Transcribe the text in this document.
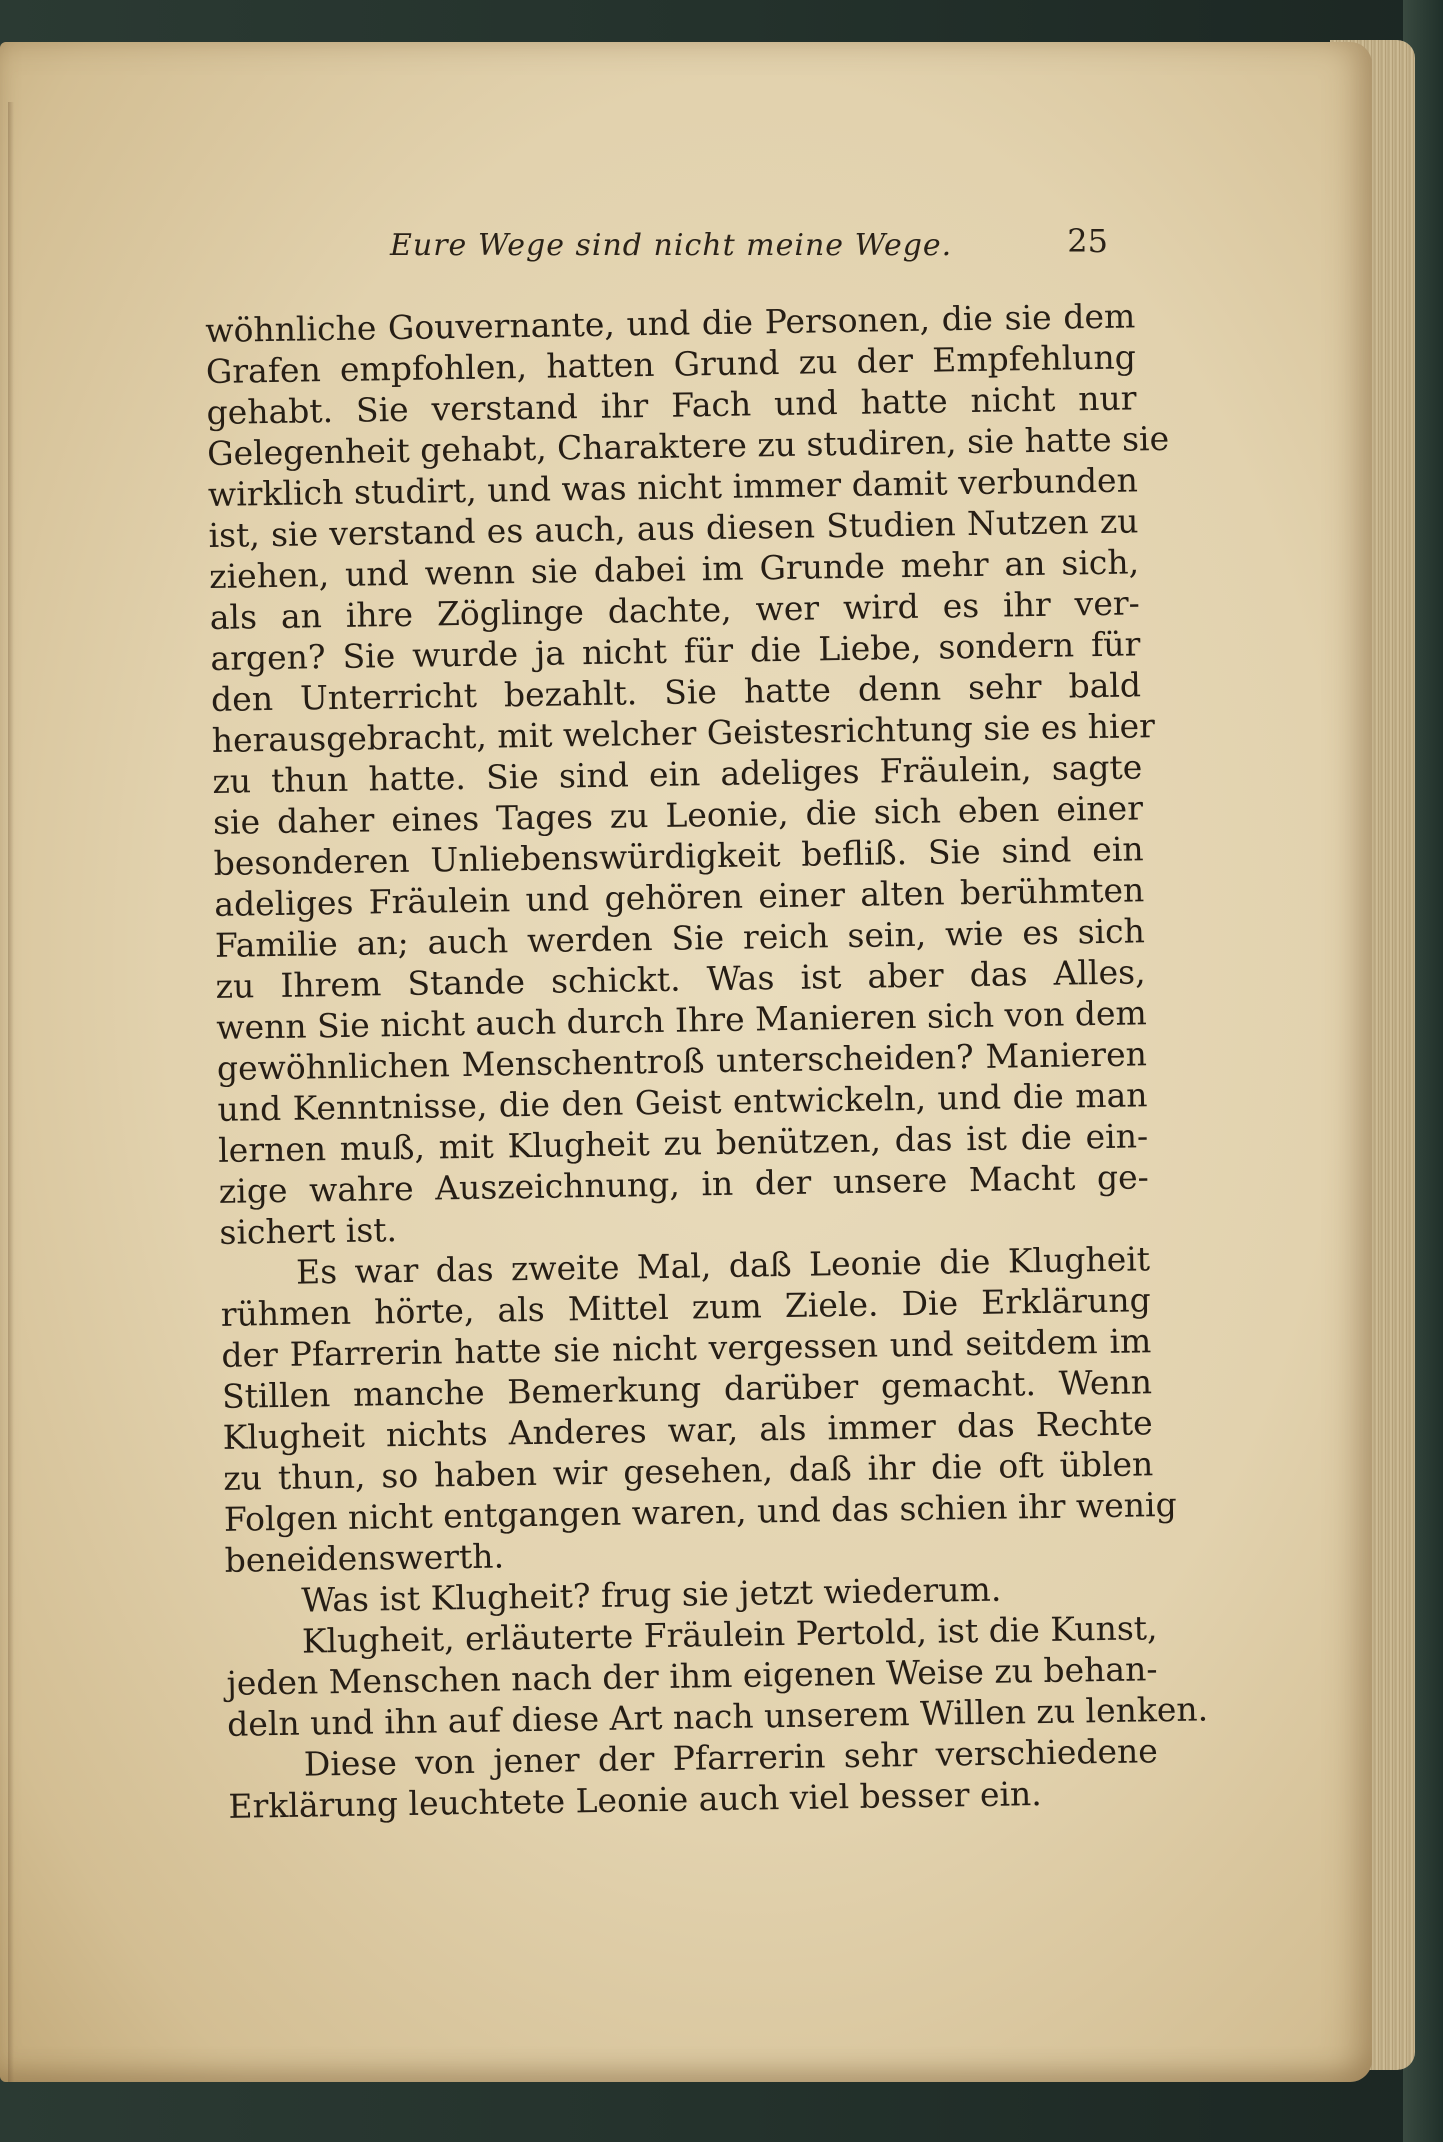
Eure Wege sind nicht meine Wege.	25
wöhnliche Gouvernante, und die Personen, die sie dem
Grafen empfohlen, hatten Grund zu der Empfehlung
gehabt. Sie verstand ihr Fach und hatte nicht nur
Gelegenheit gehabt, Charaktere zu studiren, sie hatte sie
wirklich studirt, und was nicht immer damit verbunden
ist, sie verstand es auch, aus diesen Studien Nutzen zu
ziehen, und wenn sie dabei im Grunde mehr an sich,
als an ihre Zöglinge dachte, wer wird es ihr ver-
argen? Sie wurde ja nicht für die Liebe, sondern für
den Unterricht bezahlt. Sie hatte denn sehr bald
herausgebracht, mit welcher Geistesrichtung sie es hier
zu thun hatte. Sie sind ein adeliges Fräulein, sagte
sie daher eines Tages zu Leonie, die sich eben einer
besonderen Unliebenswürdigkeit befliß. Sie sind ein
adeliges Fräulein und gehören einer alten berühmten
Familie an; auch werden Sie reich sein, wie es sich
zu Ihrem Stande schickt. Was ist aber das Alles,
wenn Sie nicht auch durch Ihre Manieren sich von dem
gewöhnlichen Menschentroß unterscheiden? Manieren
und Kenntnisse, die den Geist entwickeln, und die man
lernen muß, mit Klugheit zu benützen, das ist die ein-
zige wahre Auszeichnung, in der unsere Macht ge-
sichert ist.
Es war das zweite Mal, daß Leonie die Klugheit
rühmen hörte, als Mittel zum Ziele. Die Erklärung
der Pfarrerin hatte sie nicht vergessen und seitdem im
Stillen manche Bemerkung darüber gemacht. Wenn
Klugheit nichts Anderes war, als immer das Rechte
zu thun, so haben wir gesehen, daß ihr die oft üblen
Folgen nicht entgangen waren, und das schien ihr wenig
beneidenswerth.
Was ist Klugheit? frug sie jetzt wiederum.
Klugheit, erläuterte Fräulein Pertold, ist die Kunst,
jeden Menschen nach der ihm eigenen Weise zu behan-
deln und ihn auf diese Art nach unserem Willen zu lenken.
Diese von jener der Pfarrerin sehr verschiedene
Erklärung leuchtete Leonie auch viel besser ein.
